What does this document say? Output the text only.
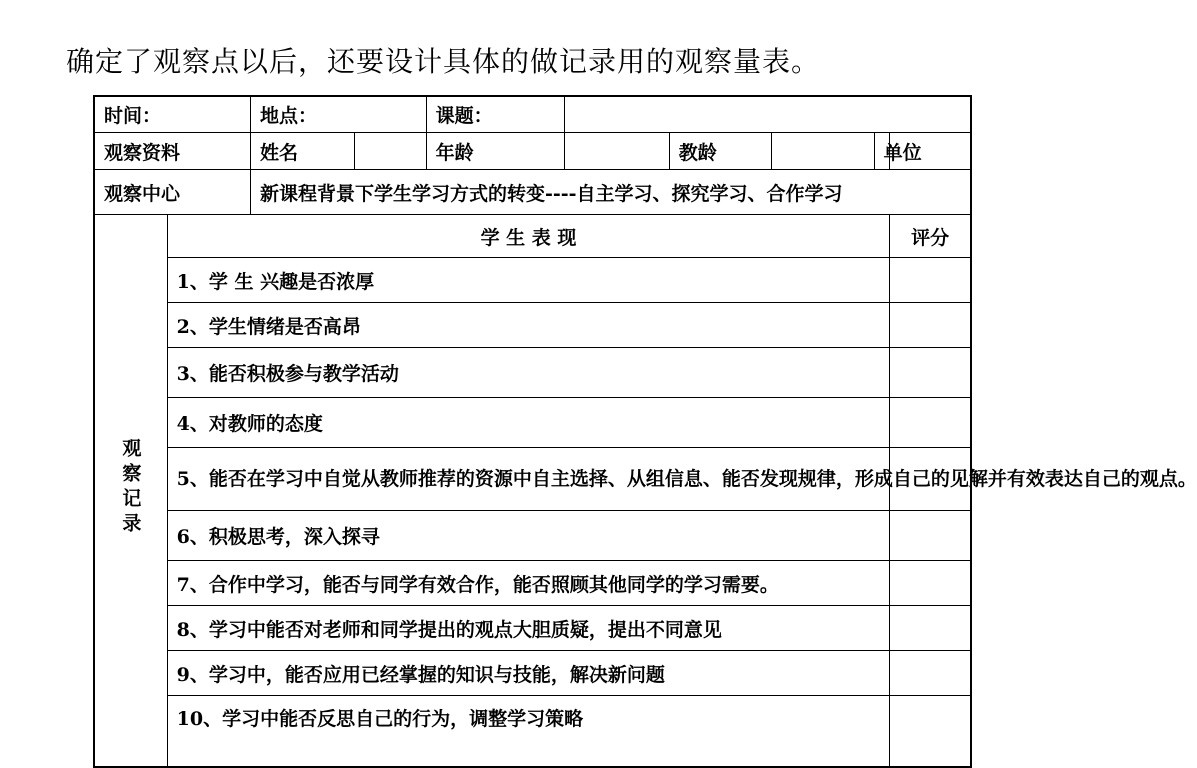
确定了观察点以后，还要设计具体的做记录用的观察量表。
时间：		地点：		课题：					
观察资料		姓名		年龄		教龄		单位	
观察中心		新课程背景下学生学习方式的转变----自主学习、探究学习、合作学习							
观察记录	学 生 表 现								评分
	1、学 生 兴趣是否浓厚								
	2、学生情绪是否高昂								
	3、能否积极参与教学活动								
	4、对教师的态度								
	5、能否在学习中自觉从教师推荐的资源中自主选择、从组信息、能否发现规律，形成自己的见解并有效表达自己的观点。								
	6、积极思考，深入探寻								
	7、合作中学习，能否与同学有效合作，能否照顾其他同学的学习需要。								
	8、学习中能否对老师和同学提出的观点大胆质疑，提出不同意见								
	9、学习中，能否应用已经掌握的知识与技能，解决新问题								
	10、学习中能否反思自己的行为，调整学习策略								
